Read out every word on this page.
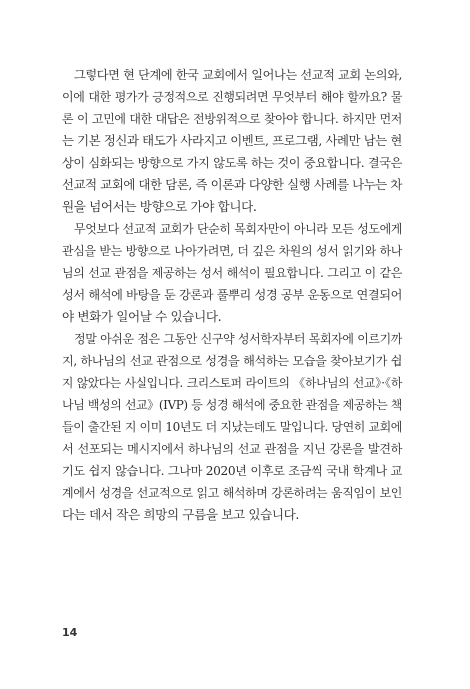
그렇다면 현 단계에 한국 교회에서 일어나는 선교적 교회 논의와,
이에 대한 평가가 긍정적으로 진행되려면 무엇부터 해야 할까요? 물
론 이 고민에 대한 대답은 전방위적으로 찾아야 합니다. 하지만 먼저
는 기본 정신과 태도가 사라지고 이벤트, 프로그램, 사례만 남는 현
상이 심화되는 방향으로 가지 않도록 하는 것이 중요합니다. 결국은
선교적 교회에 대한 담론, 즉 이론과 다양한 실행 사례를 나누는 차
원을 넘어서는 방향으로 가야 합니다.
무엇보다 선교적 교회가 단순히 목회자만이 아니라 모든 성도에게
관심을 받는 방향으로 나아가려면, 더 깊은 차원의 성서 읽기와 하나
님의 선교 관점을 제공하는 성서 해석이 필요합니다. 그리고 이 같은
성서 해석에 바탕을 둔 강론과 풀뿌리 성경 공부 운동으로 연결되어
야 변화가 일어날 수 있습니다.
정말 아쉬운 점은 그동안 신구약 성서학자부터 목회자에 이르기까
지, 하나님의 선교 관점으로 성경을 해석하는 모습을 찾아보기가 쉽
지 않았다는 사실입니다. 크리스토퍼 라이트의 《하나님의 선교》·《하
나님 백성의 선교》(IVP) 등 성경 해석에 중요한 관점을 제공하는 책
들이 출간된 지 이미 10년도 더 지났는데도 말입니다. 당연히 교회에
서 선포되는 메시지에서 하나님의 선교 관점을 지닌 강론을 발견하
기도 쉽지 않습니다. 그나마 2020년 이후로 조금씩 국내 학계나 교
계에서 성경을 선교적으로 읽고 해석하며 강론하려는 움직임이 보인
다는 데서 작은 희망의 구름을 보고 있습니다.
14
